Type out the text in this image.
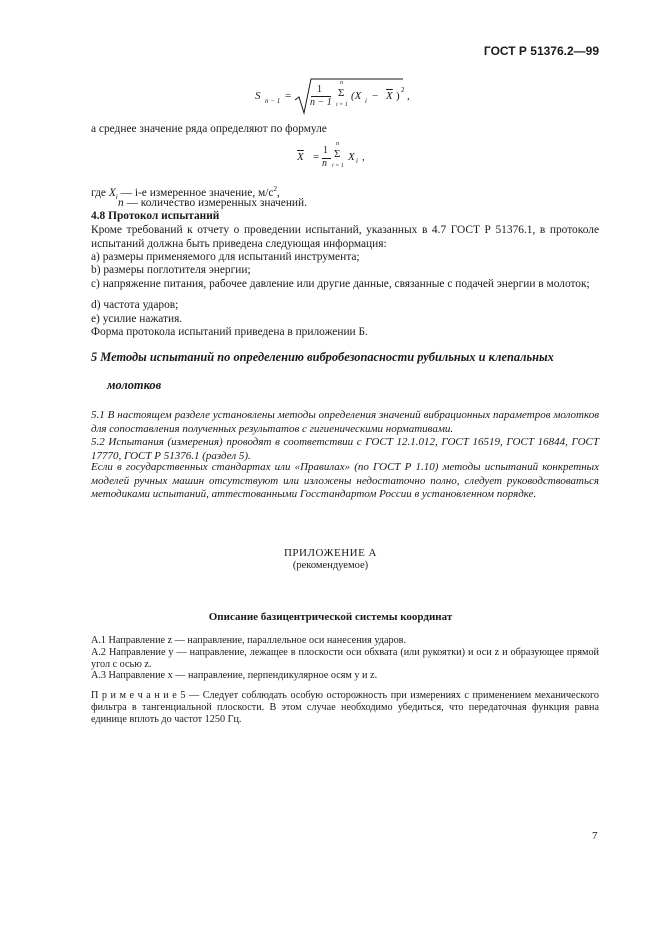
ГОСТ Р 51376.2—99
S n − 1 =
1
n − 1
n
Σ
i = 1
(X $i - \overline{X}$ ) 2 ,
а среднее значение ряда определяют по формуле
$\overline{X}$ =
1
n
n
Σ
i = 1
X i ,
где $X_i$ — i-е измеренное значение, $м/с^2$,
n — количество измеренных значений.
4.8 Протокол испытаний
Кроме требований к отчету о проведении испытаний, указанных в 4.7 ГОСТ Р 51376.1, в протоколе испытаний должна быть приведена следующая информация:
a) размеры применяемого для испытаний инструмента;
b) размеры поглотителя энергии;
c) напряжение питания, рабочее давление или другие данные, связанные с подачей энергии в молоток;
d) частота ударов;
e) усилие нажатия.
Форма протокола испытаний приведена в приложении Б.
5 Методы испытаний по определению вибробезопасности рубильных и клепальных
молотков
5.1 В настоящем разделе установлены методы определения значений вибрационных параметров молотков для сопоставления полученных результатов с гигиеническими нормативами.
5.2 Испытания (измерения) проводят в соответствии с ГОСТ 12.1.012, ГОСТ 16519, ГОСТ 16844, ГОСТ 17770, ГОСТ Р 51376.1 (раздел 5).
Если в государственных стандартах или «Правилах» (по ГОСТ Р 1.10) методы испытаний конкретных моделей ручных машин отсутствуют или изложены недостаточно полно, следует руководствоваться методиками испытаний, аттестованными Госстандартом России в установленном порядке.
ПРИЛОЖЕНИЕ А
(рекомендуемое)
Описание базицентрической системы координат
A.1 Направление z — направление, параллельное оси нанесения ударов.
A.2 Направление y — направление, лежащее в плоскости оси обхвата (или рукоятки) и оси z и образующее прямой угол с осью z.
A.3 Направление x — направление, перпендикулярное осям y и z.
П р и м е ч а н и е 5 — Следует соблюдать особую осторожность при измерениях с применением механического фильтра в тангенциальной плоскости. В этом случае необходимо убедиться, что передаточная функция равна единице вплоть до частот 1250 Гц.
7
